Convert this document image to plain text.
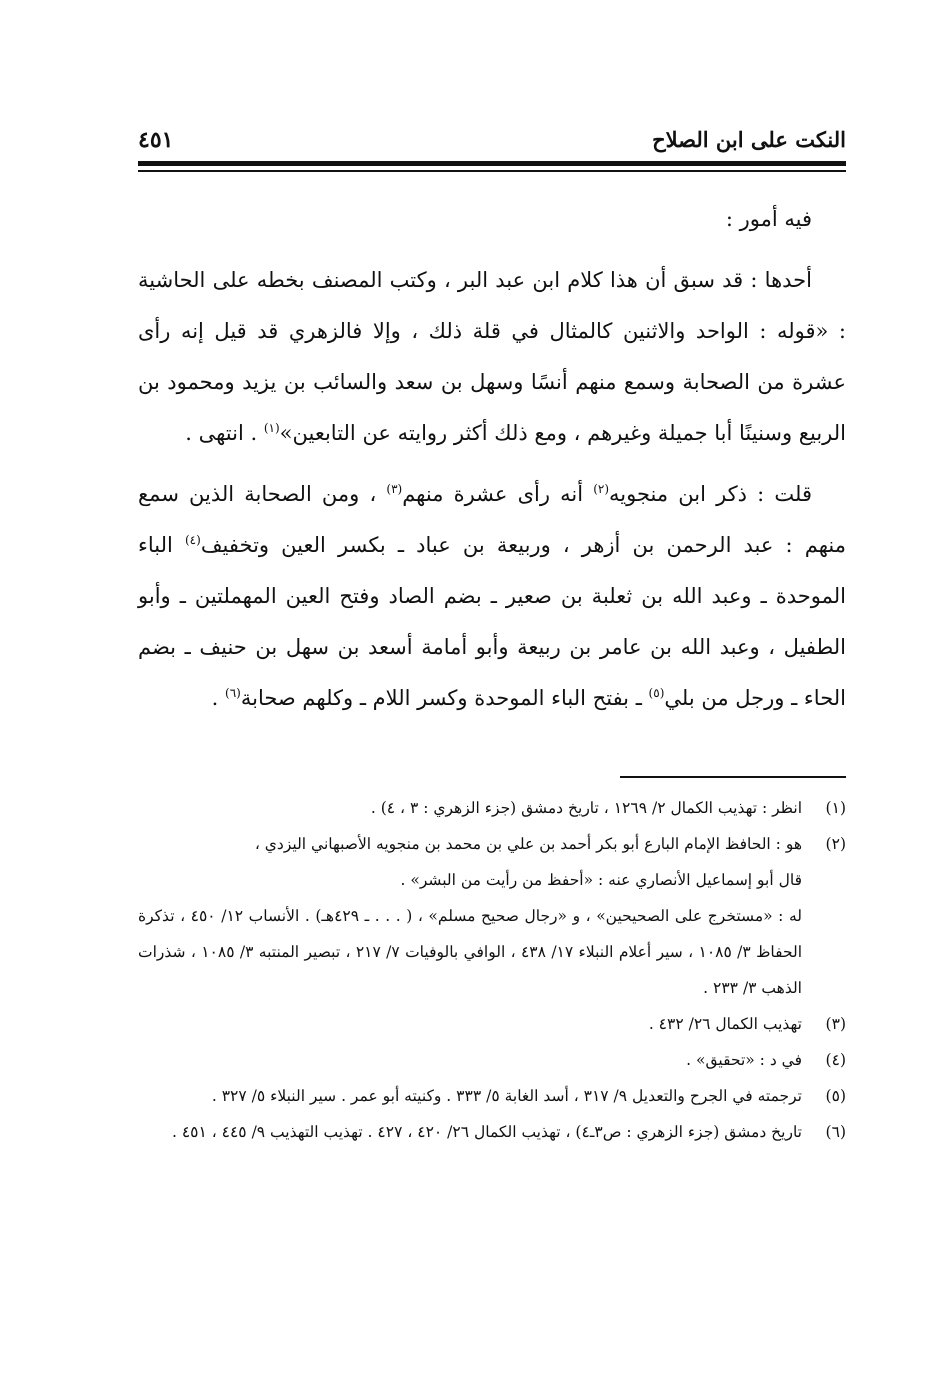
النكت على ابن الصلاح
٤٥١

فيه أمور :

أحدها : قد سبق أن هذا كلام ابن عبد البر ، وكتب المصنف بخطه على الحاشية : «قوله : الواحد والاثنين كالمثال في قلة ذلك ، وإلا فالزهري قد قيل إنه رأى عشرة من الصحابة وسمع منهم أنسًا وسهل بن سعد والسائب بن يزيد ومحمود بن الربيع وسنينًا أبا جميلة وغيرهم ، ومع ذلك أكثر روايته عن التابعين»$^{(١)}$ . انتهى .

قلت : ذكر ابن منجويه$^{(٢)}$ أنه رأى عشرة منهم$^{(٣)}$ ، ومن الصحابة الذين سمع منهم : عبد الرحمن بن أزهر ، وربيعة بن عباد ـ بكسر العين وتخفيف$^{(٤)}$ الباء الموحدة ـ وعبد الله بن ثعلبة بن صعير ـ بضم الصاد وفتح العين المهملتين ـ وأبو الطفيل ، وعبد الله بن عامر بن ربيعة وأبو أمامة أسعد بن سهل بن حنيف ـ بضم الحاء ـ ورجل من بلي$^{(٥)}$ ـ بفتح الباء الموحدة وكسر اللام ـ وكلهم صحابة$^{(٦)}$ .

(١)
انظر : تهذيب الكمال ٢/ ١٢٦٩ ، تاريخ دمشق (جزء الزهري : ٣ ، ٤) .
(٢)
هو : الحافظ الإمام البارع أبو بكر أحمد بن علي بن محمد بن منجويه الأصبهاني اليزدي ،
قال أبو إسماعيل الأنصاري عنه : «أحفظ من رأيت من البشر» .
له : «مستخرج على الصحيحين» ، و «رجال صحيح مسلم» ، ( . . . ـ ٤٢٩هـ) . الأنساب ١٢/ ٤٥٠ ، تذكرة الحفاظ ٣/ ١٠٨٥ ، سير أعلام النبلاء ١٧/ ٤٣٨ ، الوافي بالوفيات ٧/ ٢١٧ ، تبصير المنتبه ٣/ ١٠٨٥ ، شذرات الذهب ٣/ ٢٣٣ .
(٣)
تهذيب الكمال ٢٦/ ٤٣٢ .
(٤)
في د : «تحقيق» .
(٥)
ترجمته في الجرح والتعديل ٩/ ٣١٧ ، أسد الغابة ٥/ ٣٣٣ . وكنيته أبو عمر . سير النبلاء ٥/ ٣٢٧ .
(٦)
تاريخ دمشق (جزء الزهري : ص٣ـ٤) ، تهذيب الكمال ٢٦/ ٤٢٠ ، ٤٢٧ . تهذيب التهذيب ٩/ ٤٤٥ ، ٤٥١ .
